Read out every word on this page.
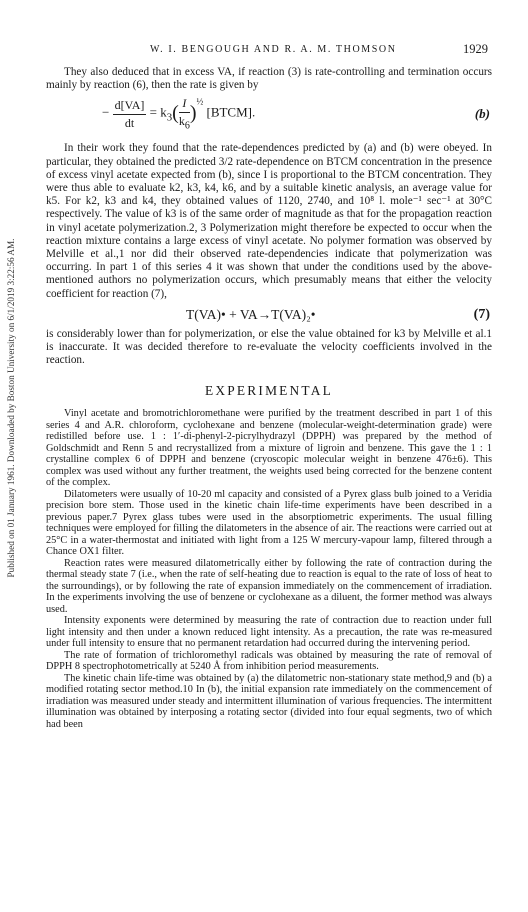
W. I. BENGOUGH AND R. A. M. THOMSON	1929
Published on 01 January 1961. Downloaded by Boston University on 6/1/2019 3:22:56 AM.

They also deduced that in excess VA, if reaction (3) is rate-controlling and termination occurs mainly by reaction (6), then the rate is given by

− $\frac{d[VA]}{dt} = k_3( \frac{I}{k_6} )^{\frac{1}{2}}$ [BTCM].	(b)

In their work they found that the rate-dependences predicted by (a) and (b) were obeyed. In particular, they obtained the predicted 3/2 rate-dependence on BTCM concentration in the presence of excess vinyl acetate expected from (b), since I is proportional to the BTCM concentration. They were thus able to evaluate k2, k3, k4, k6, and by a suitable kinetic analysis, an average value for k5. For k2, k3 and k4, they obtained values of 1120, 2740, and 10⁸ l. mole⁻¹ sec⁻¹ at 30°C respectively. The value of k3 is of the same order of magnitude as that for the propagation reaction in vinyl acetate polymerization.2, 3 Polymerization might therefore be expected to occur when the reaction mixture contains a large excess of vinyl acetate. No polymer formation was observed by Melville et al.,1 nor did their observed rate-dependencies indicate that polymerization was occurring. In part 1 of this series 4 it was shown that under the conditions used by the above-mentioned authors no polymerization occurs, which presumably means that either the velocity coefficient for reaction (7),

T(VA)• + VA→T(VA)₂•	(7)

is considerably lower than for polymerization, or else the value obtained for k3 by Melville et al.1 is inaccurate. It was decided therefore to re-evaluate the velocity coefficients involved in the reaction.

EXPERIMENTAL

Vinyl acetate and bromotrichloromethane were purified by the treatment described in part 1 of this series 4 and A.R. chloroform, cyclohexane and benzene (molecular-weight-determination grade) were redistilled before use. 1 : 1′-di-phenyl-2-picrylhydrazyl (DPPH) was prepared by the method of Goldschmidt and Renn 5 and recrystallized from a mixture of ligroin and benzene. This gave the 1 : 1 crystalline complex 6 of DPPH and benzene (cryoscopic molecular weight in benzene 476±6). This complex was used without any further treatment, the weights used being corrected for the benzene content of the complex.

Dilatometers were usually of 10-20 ml capacity and consisted of a Pyrex glass bulb joined to a Veridia precision bore stem. Those used in the kinetic chain life-time experiments have been described in a previous paper.7 Pyrex glass tubes were used in the absorptiometric experiments. The usual filling techniques were employed for filling the dilatometers in the absence of air. The reactions were carried out at 25°C in a water-thermostat and initiated with light from a 125 W mercury-vapour lamp, filtered through a Chance OX1 filter.

Reaction rates were measured dilatometrically either by following the rate of contraction during the thermal steady state 7 (i.e., when the rate of self-heating due to reaction is equal to the rate of loss of heat to the surroundings), or by following the rate of expansion immediately on the commencement of irradiation. In the experiments involving the use of benzene or cyclohexane as a diluent, the former method was always used.

Intensity exponents were determined by measuring the rate of contraction due to reaction under full light intensity and then under a known reduced light intensity. As a precaution, the rate was re-measured under full intensity to ensure that no permanent retardation had occurred during the intervening period.

The rate of formation of trichloromethyl radicals was obtained by measuring the rate of removal of DPPH 8 spectrophotometrically at 5240 Å from inhibition period measurements.

The kinetic chain life-time was obtained by (a) the dilatometric non-stationary state method,9 and (b) a modified rotating sector method.10 In (b), the initial expansion rate immediately on the commencement of irradiation was measured under steady and intermittent illumination of various frequencies. The intermittent illumination was obtained by interposing a rotating sector (divided into four equal segments, two of which had been
